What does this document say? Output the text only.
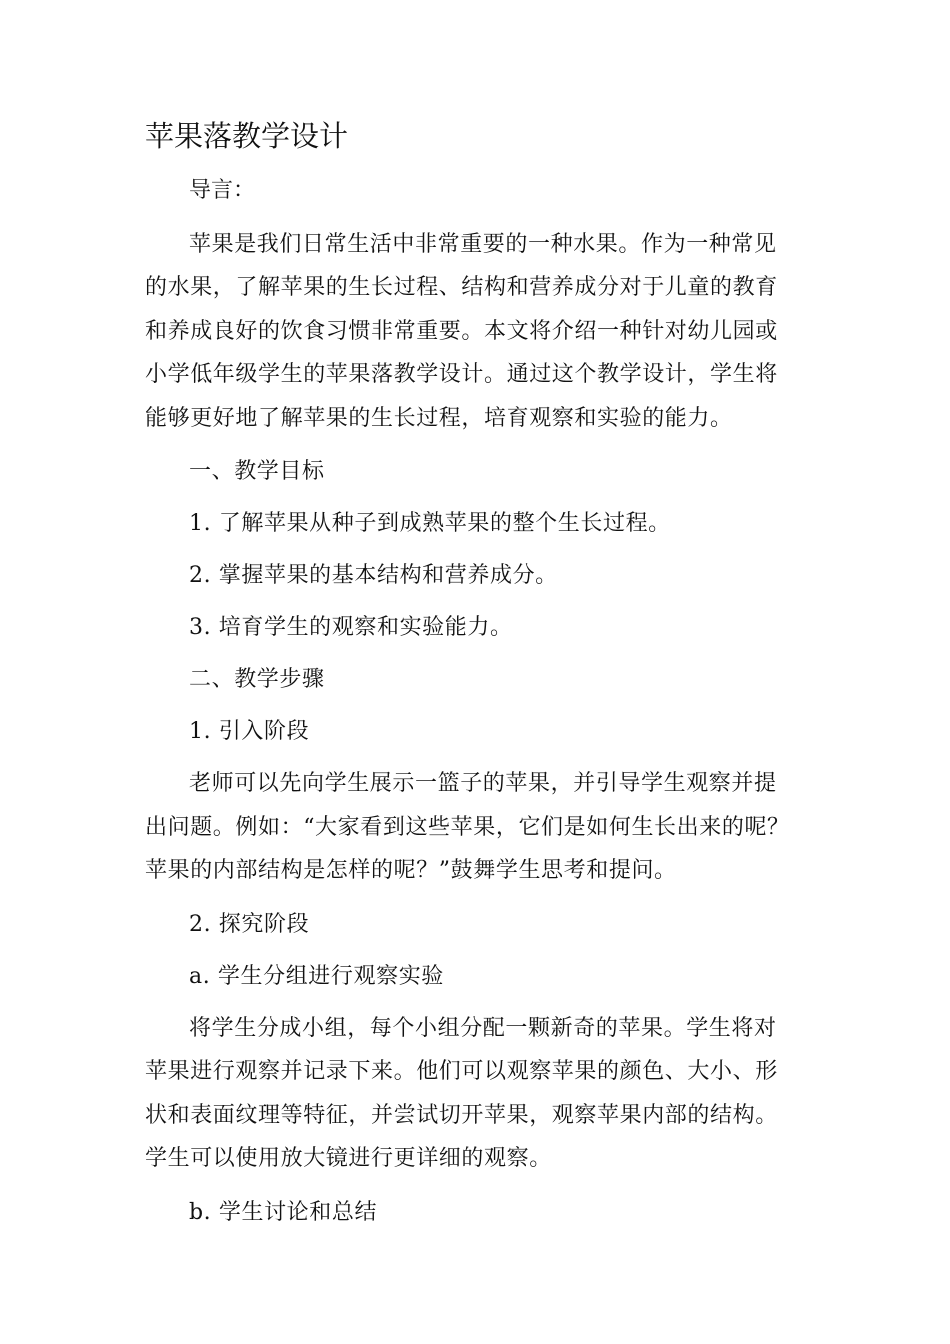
苹果落教学设计
导言：
苹果是我们日常生活中非常重要的一种水果。作为一种常见的水果，了解苹果的生长过程、结构和营养成分对于儿童的教育和养成良好的饮食习惯非常重要。本文将介绍一种针对幼儿园或小学低年级学生的苹果落教学设计。通过这个教学设计，学生将能够更好地了解苹果的生长过程，培育观察和实验的能力。
一、教学目标
1. 了解苹果从种子到成熟苹果的整个生长过程。
2. 掌握苹果的基本结构和营养成分。
3. 培育学生的观察和实验能力。
二、教学步骤
1. 引入阶段
老师可以先向学生展示一篮子的苹果，并引导学生观察并提出问题。例如：“大家看到这些苹果，它们是如何生长出来的呢？苹果的内部结构是怎样的呢？”鼓舞学生思考和提问。
2. 探究阶段
a. 学生分组进行观察实验
将学生分成小组，每个小组分配一颗新奇的苹果。学生将对苹果进行观察并记录下来。他们可以观察苹果的颜色、大小、形状和表面纹理等特征，并尝试切开苹果，观察苹果内部的结构。学生可以使用放大镜进行更详细的观察。
b. 学生讨论和总结
